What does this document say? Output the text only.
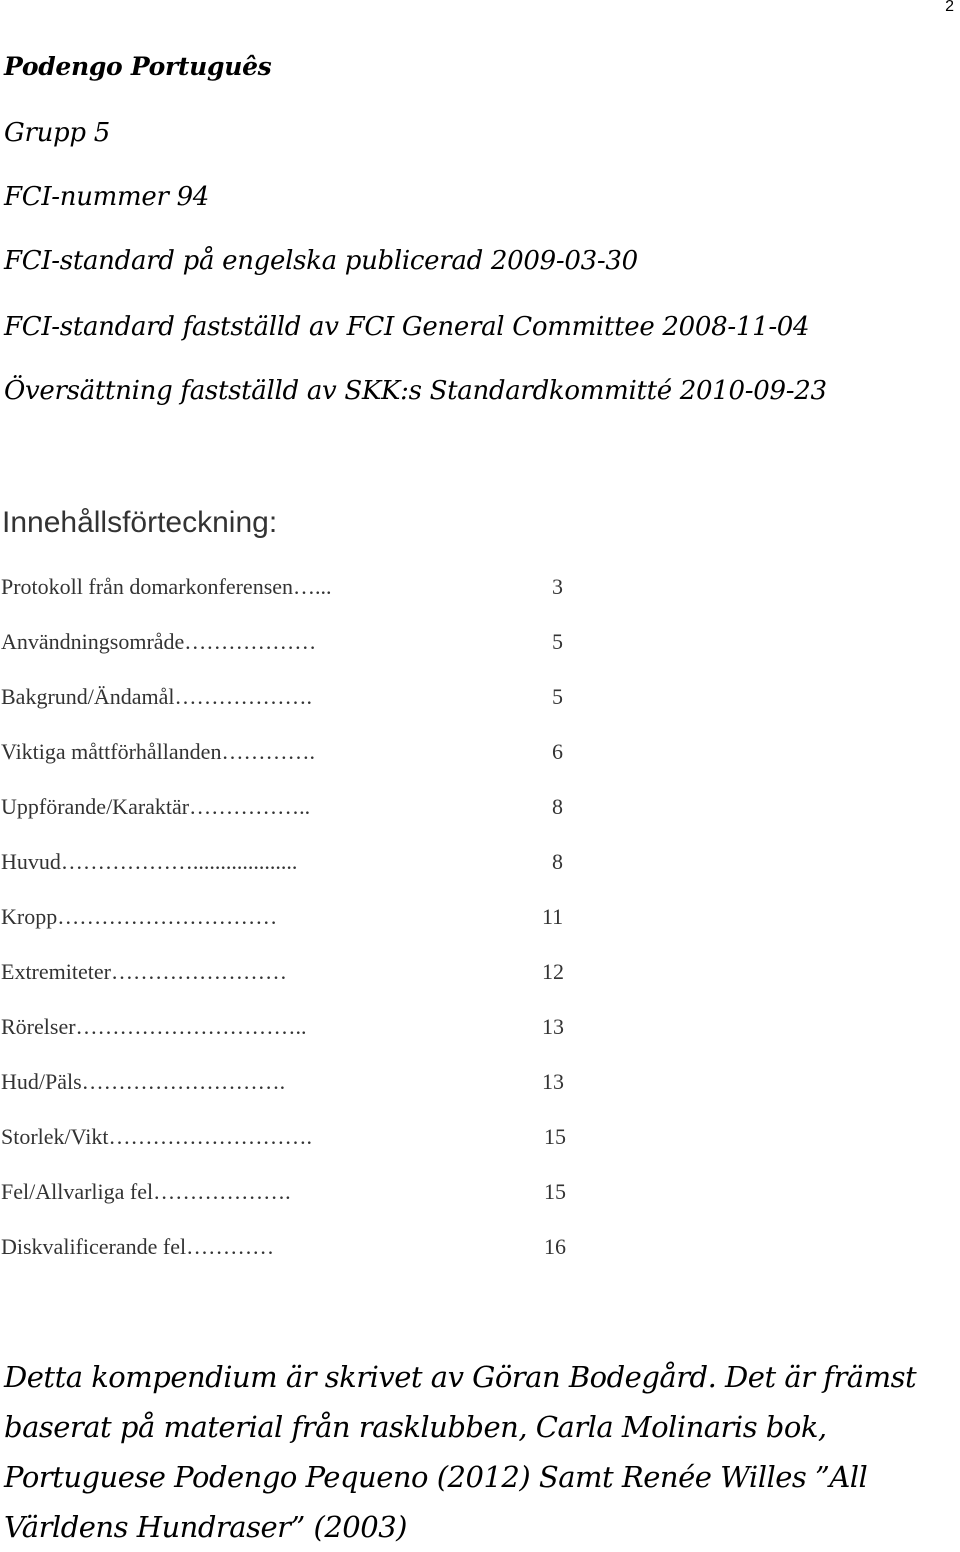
2
Podengo Português
Grupp 5
FCI-nummer 94
FCI-standard på engelska publicerad 2009-03-30
FCI-standard fastställd av FCI General Committee 2008-11-04
Översättning fastställd av SKK:s Standardkommitté 2010-09-23
Innehållsförteckning:
Protokoll från domarkonferensen…...	3
Användningsområde………………	5
Bakgrund/Ändamål……………….	5
Viktiga måttförhållanden………….	6
Uppförande/Karaktär……………..	8
Huvud………………...................	8
Kropp…………………………	11
Extremiteter……………………	12
Rörelser…………………………..	13
Hud/Päls……………………….	13
Storlek/Vikt……………………….	15
Fel/Allvarliga fel……………….	15
Diskvalificerande fel…………	16
Detta kompendium är skrivet av Göran Bodegård. Det är främst baserat på material från rasklubben, Carla Molinaris bok, Portuguese Podengo Pequeno (2012) Samt Renée Willes ”All Världens Hundraser” (2003)
